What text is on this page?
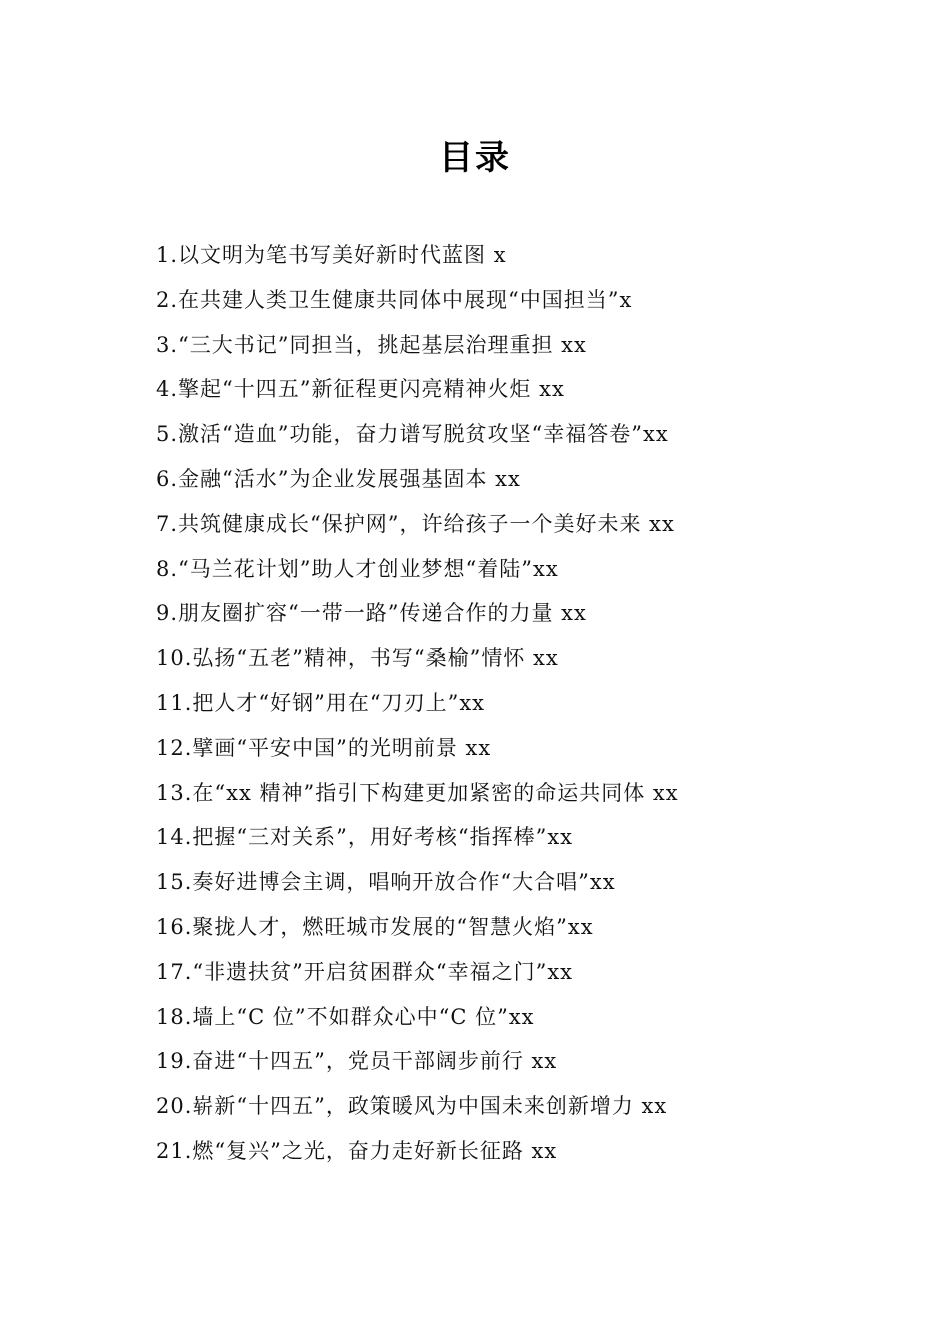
目录
1.以文明为笔书写美好新时代蓝图 x
2.在共建人类卫生健康共同体中展现“中国担当”x
3.“三大书记”同担当，挑起基层治理重担 xx
4.擎起“十四五”新征程更闪亮精神火炬 xx
5.激活“造血”功能，奋力谱写脱贫攻坚“幸福答卷”xx
6.金融“活水”为企业发展强基固本 xx
7.共筑健康成长“保护网”，许给孩子一个美好未来 xx
8.“马兰花计划”助人才创业梦想“着陆”xx
9.朋友圈扩容“一带一路”传递合作的力量 xx
10.弘扬“五老”精神，书写“桑榆”情怀 xx
11.把人才“好钢”用在“刀刃上”xx
12.擘画“平安中国”的光明前景 xx
13.在“xx 精神”指引下构建更加紧密的命运共同体 xx
14.把握“三对关系”，用好考核“指挥棒”xx
15.奏好进博会主调，唱响开放合作“大合唱”xx
16.聚拢人才，燃旺城市发展的“智慧火焰”xx
17.“非遗扶贫”开启贫困群众“幸福之门”xx
18.墙上“C 位”不如群众心中“C 位”xx
19.奋进“十四五”，党员干部阔步前行 xx
20.崭新“十四五”，政策暖风为中国未来创新增力 xx
21.燃“复兴”之光，奋力走好新长征路 xx
